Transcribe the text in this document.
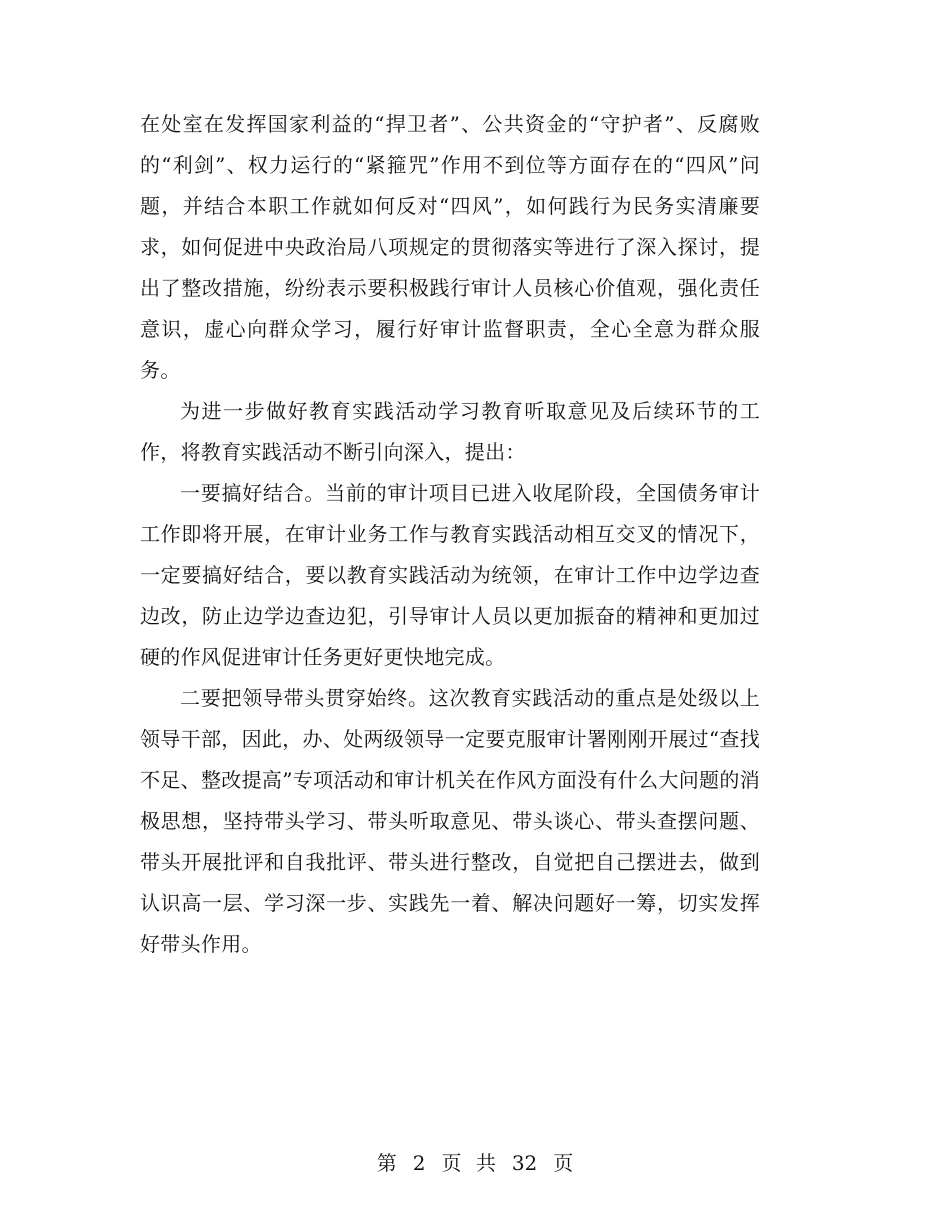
在处室在发挥国家利益的“捍卫者”、公共资金的“守护者”、反腐败的“利剑”、权力运行的“紧箍咒”作用不到位等方面存在的“四风”问题，并结合本职工作就如何反对“四风”，如何践行为民务实清廉要求，如何促进中央政治局八项规定的贯彻落实等进行了深入探讨，提出了整改措施，纷纷表示要积极践行审计人员核心价值观，强化责任意识，虚心向群众学习，履行好审计监督职责，全心全意为群众服务。

为进一步做好教育实践活动学习教育听取意见及后续环节的工作，将教育实践活动不断引向深入，提出：

一要搞好结合。当前的审计项目已进入收尾阶段，全国债务审计工作即将开展，在审计业务工作与教育实践活动相互交叉的情况下，一定要搞好结合，要以教育实践活动为统领，在审计工作中边学边查边改，防止边学边查边犯，引导审计人员以更加振奋的精神和更加过硬的作风促进审计任务更好更快地完成。

二要把领导带头贯穿始终。这次教育实践活动的重点是处级以上领导干部，因此，办、处两级领导一定要克服审计署刚刚开展过“查找不足、整改提高”专项活动和审计机关在作风方面没有什么大问题的消极思想，坚持带头学习、带头听取意见、带头谈心、带头查摆问题、带头开展批评和自我批评、带头进行整改，自觉把自己摆进去，做到认识高一层、学习深一步、实践先一着、解决问题好一筹，切实发挥好带头作用。

第 2 页 共 32 页
